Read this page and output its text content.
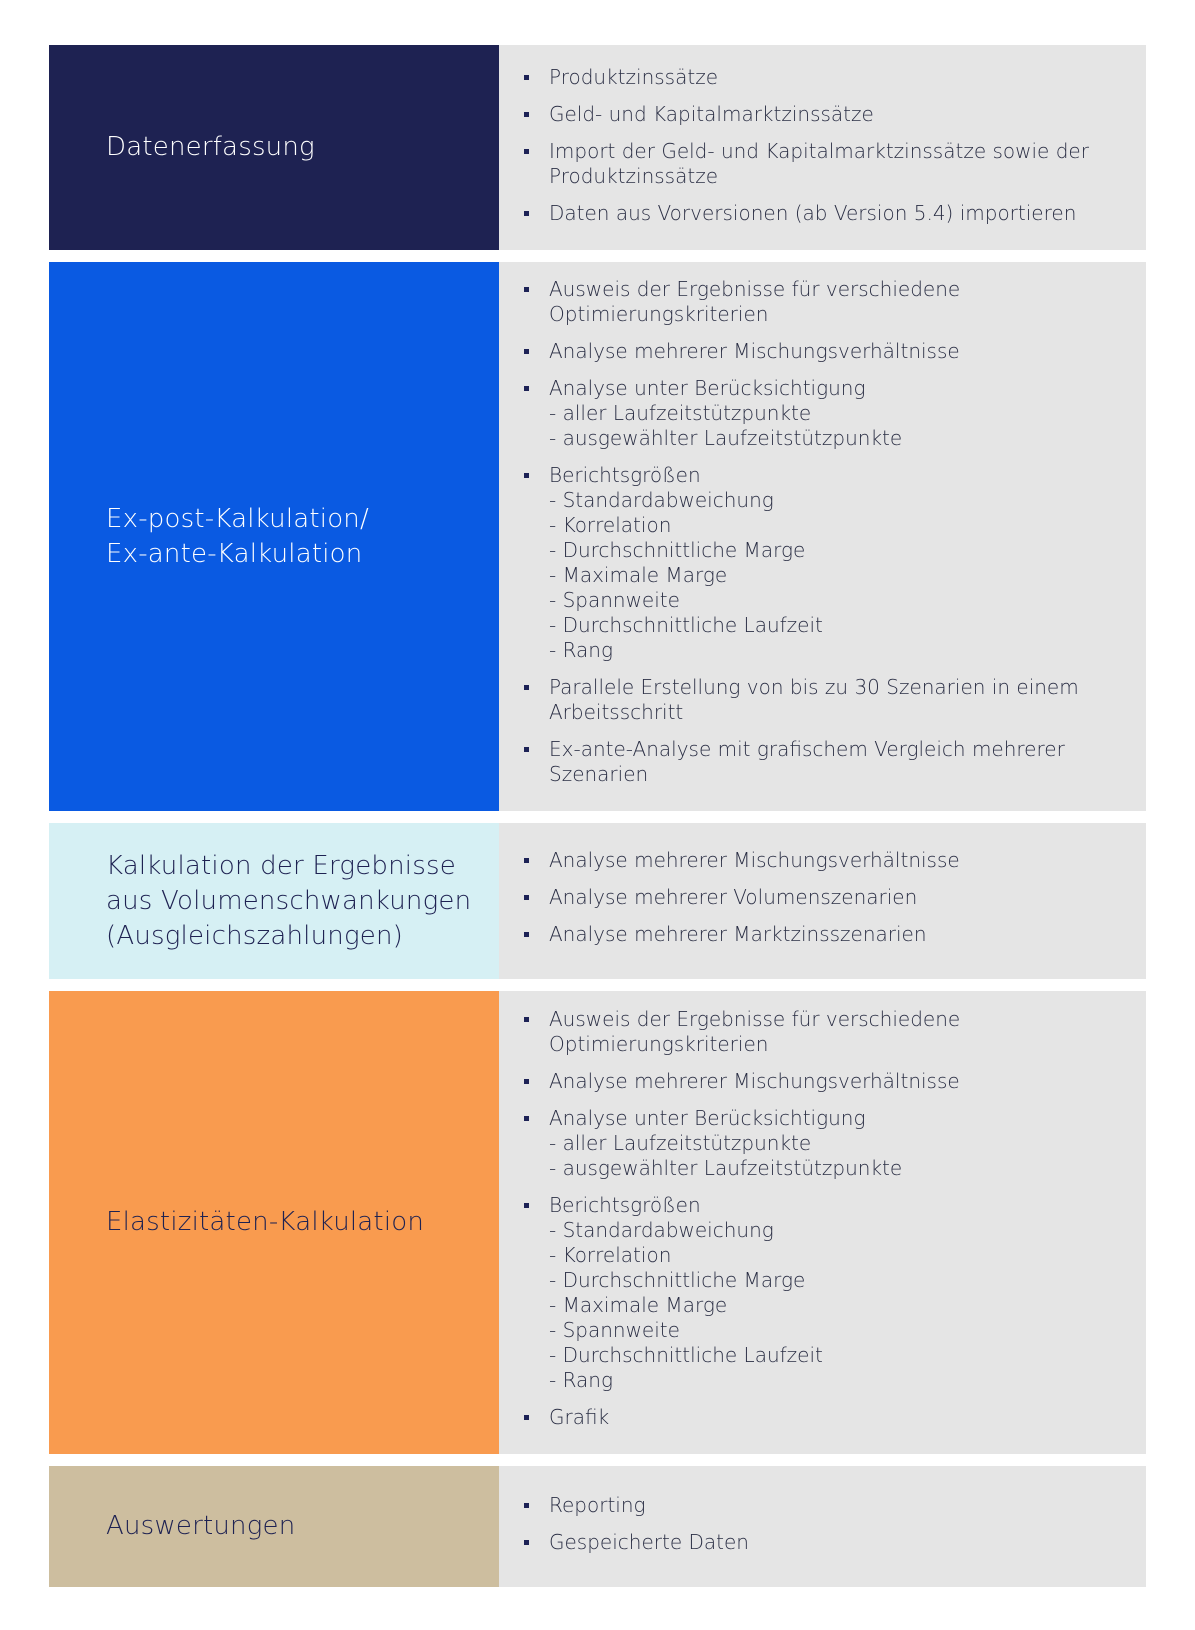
Datenerfassung
Produktzinssätze
Geld- und Kapitalmarktzinssätze
Import der Geld- und Kapitalmarktzinssätze sowie der Produktzinssätze
Daten aus Vorversionen (ab Version 5.4) importieren
Ex-post-Kalkulation/
Ex-ante-Kalkulation
Ausweis der Ergebnisse für verschiedene Optimierungskriterien
Analyse mehrerer Mischungsverhältnisse
Analyse unter Berücksichtigung
- aller Laufzeitstützpunkte
- ausgewählter Laufzeitstützpunkte
Berichtsgrößen
- Standardabweichung
- Korrelation
- Durchschnittliche Marge
- Maximale Marge
- Spannweite
- Durchschnittliche Laufzeit
- Rang
Parallele Erstellung von bis zu 30 Szenarien in einem Arbeitsschritt
Ex-ante-Analyse mit grafischem Vergleich mehrerer Szenarien
Kalkulation der Ergebnisse
aus Volumenschwankungen
(Ausgleichszahlungen)
Analyse mehrerer Mischungsverhältnisse
Analyse mehrerer Volumenszenarien
Analyse mehrerer Marktzinsszenarien
Elastizitäten-Kalkulation
Ausweis der Ergebnisse für verschiedene Optimierungskriterien
Analyse mehrerer Mischungsverhältnisse
Analyse unter Berücksichtigung
- aller Laufzeitstützpunkte
- ausgewählter Laufzeitstützpunkte
Berichtsgrößen
- Standardabweichung
- Korrelation
- Durchschnittliche Marge
- Maximale Marge
- Spannweite
- Durchschnittliche Laufzeit
- Rang
Grafik
Auswertungen
Reporting
Gespeicherte Daten
